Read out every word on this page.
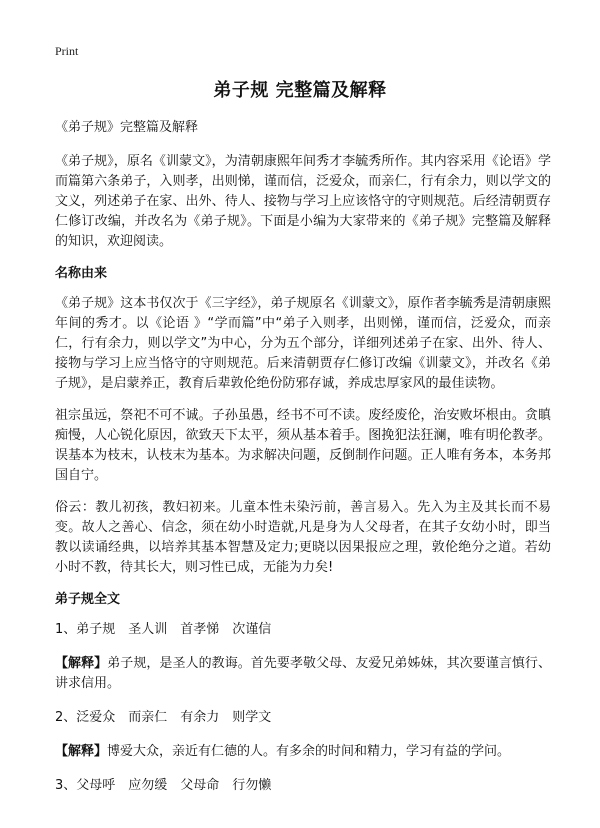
Print
弟子规 完整篇及解释

《弟子规》完整篇及解释

《弟子规》，原名《训蒙文》，为清朝康熙年间秀才李毓秀所作。其内容采用《论语》学而篇第六条弟子，入则孝，出则悌，谨而信，泛爱众，而亲仁，行有余力，则以学文的文义，列述弟子在家、出外、待人、接物与学习上应该恪守的守则规范。后经清朝贾存仁修订改编，并改名为《弟子规》。下面是小编为大家带来的《弟子规》完整篇及解释的知识，欢迎阅读。

名称由来

《弟子规》这本书仅次于《三字经》，弟子规原名《训蒙文》，原作者李毓秀是清朝康熙年间的秀才。以《论语 》“学而篇”中“弟子入则孝，出则悌，谨而信，泛爱众，而亲仁，行有余力，则以学文”为中心，分为五个部分，详细列述弟子在家、出外、待人、接物与学习上应当恪守的守则规范。后来清朝贾存仁修订改编《训蒙文》，并改名《弟子规》，是启蒙养正，教育后辈敦伦绝份防邪存诚，养成忠厚家风的最佳读物。

祖宗虽远，祭祀不可不诚。子孙虽愚，经书不可不读。废经废伦，治安败坏根由。贪瞋痴慢，人心锐化原因，欲致天下太平，须从基本着手。图挽犯法狂澜，唯有明伦教孝。误基本为枝末，认枝末为基本。为求解决问题，反倒制作问题。正人唯有务本，本务邦国自宁。

俗云：教儿初孩，教妇初来。儿童本性未染污前，善言易入。先入为主及其长而不易变。故人之善心、信念，须在幼小时造就,凡是身为人父母者，在其子女幼小时，即当教以读诵经典，以培养其基本智慧及定力;更晓以因果报应之理，敦伦绝分之道。若幼小时不教，待其长大，则习性已成，无能为力矣!

弟子规全文

1、弟子规　圣人训　首孝悌　次谨信

【解释】弟子规，是圣人的教诲。首先要孝敬父母、友爱兄弟姊妹，其次要谨言慎行、讲求信用。

2、泛爱众　而亲仁　有余力　则学文

【解释】博爱大众，亲近有仁德的人。有多余的时间和精力，学习有益的学问。

3、父母呼　应勿缓　父母命　行勿懒
